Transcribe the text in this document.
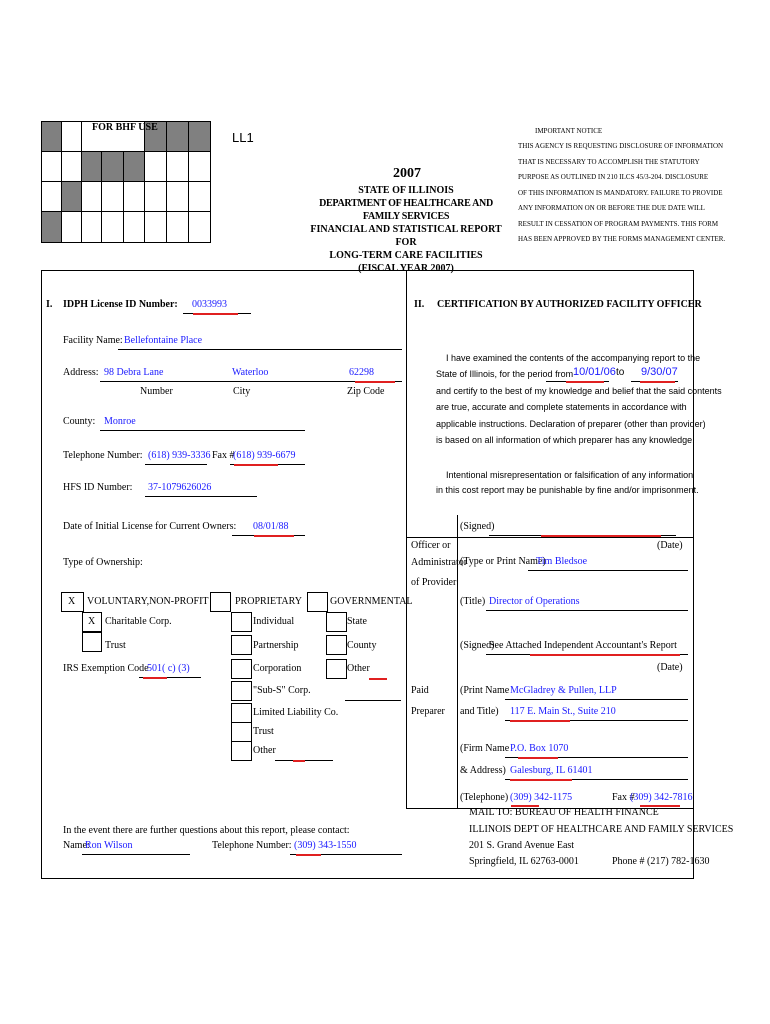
FOR BHF USE
LL1
2007
STATE OF ILLINOIS
DEPARTMENT OF HEALTHCARE AND FAMILY SERVICES
FINANCIAL AND STATISTICAL REPORT FOR
LONG-TERM CARE FACILITIES
(FISCAL YEAR 2007)
IMPORTANT NOTICE
THIS AGENCY IS REQUESTING DISCLOSURE OF INFORMATION
THAT IS NECESSARY TO ACCOMPLISH THE STATUTORY
PURPOSE AS OUTLINED IN 210 ILCS 45/3-204. DISCLOSURE
OF THIS INFORMATION IS MANDATORY. FAILURE TO PROVIDE
ANY INFORMATION ON OR BEFORE THE DUE DATE WILL
RESULT IN CESSATION OF PROGRAM PAYMENTS. THIS FORM
HAS BEEN APPROVED BY THE FORMS MANAGEMENT CENTER.
I. IDPH License ID Number: 0033993
Facility Name: Bellefontaine Place
Address: 98 Debra Lane	Waterloo	62298
Number	City	Zip Code
County: Monroe
Telephone Number: (618) 939-3336 Fax #
(618) 939-6679
HFS ID Number: 37-1079626026
Date of Initial License for Current Owners: 08/01/88
Type of Ownership:
X VOLUNTARY,NON-PROFIT
X Charitable Corp.
Trust
IRS Exemption Code
501( c) (3)
PROPRIETARY
Individual
Partnership
Corporation
"Sub-S" Corp.
Limited Liability Co.
Trust
Other
GOVERNMENTAL
State
County
Other
In the event there are further questions about this report, please contact:
Name:
Ron Wilson	Telephone Number: (309) 343-1550
II. CERTIFICATION BY AUTHORIZED FACILITY OFFICER
I have examined the contents of the accompanying report to the
State of Illinois, for the period from 10/01/06 to 9/30/07
and certify to the best of my knowledge and belief that the said contents
are true, accurate and complete statements in accordance with
applicable instructions. Declaration of preparer (other than provider)
is based on all information of which preparer has any knowledge.
Intentional misrepresentation or falsification of any information
in this cost report may be punishable by fine and/or imprisonment.
Officer or
Administrator
of Provider
(Signed)
(Date)
(Type or Print Name)
Tim Bledsoe
(Title) Director of Operations
(Signed)
See Attached Independent Accountant's Report
(Date)
Paid
Preparer
(Print Name McGladrey & Pullen, LLP
and Title) 117 E. Main St., Suite 210
(Firm Name P.O. Box 1070
& Address) Galesburg, IL 61401
(Telephone) (309) 342-1175	Fax #
(309) 342-7816
MAIL TO: BUREAU OF HEALTH FINANCE
ILLINOIS DEPT OF HEALTHCARE AND FAMILY SERVICES
201 S. Grand Avenue East
Springfield, IL 62763-0001	Phone # (217) 782-1630
